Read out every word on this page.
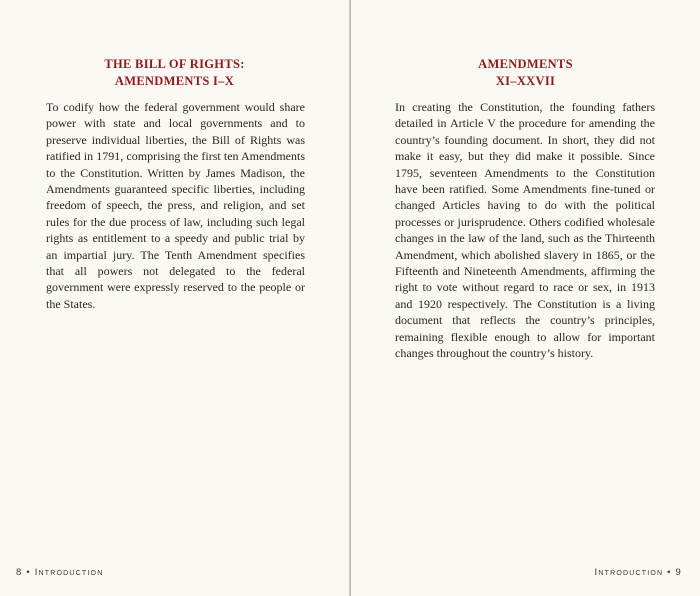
THE BILL OF RIGHTS:
AMENDMENTS I–X

To codify how the federal government would share power with state and local governments and to preserve individual liberties, the Bill of Rights was ratified in 1791, comprising the first ten Amendments to the Constitution. Written by James Madison, the Amendments guaranteed specific liberties, including freedom of speech, the press, and religion, and set rules for the due process of law, including such legal rights as entitlement to a speedy and public trial by an impartial jury. The Tenth Amendment specifies that all powers not delegated to the federal government were expressly reserved to the people or the States.

8 • Introduction
AMENDMENTS
XI–XXVII

In creating the Constitution, the founding fathers detailed in Article V the procedure for amending the country’s founding document. In short, they did not make it easy, but they did make it possible. Since 1795, seventeen Amendments to the Constitution have been ratified. Some Amendments fine-tuned or changed Articles having to do with the political processes or jurisprudence. Others codified wholesale changes in the law of the land, such as the Thirteenth Amendment, which abolished slavery in 1865, or the Fifteenth and Nineteenth Amendments, affirming the right to vote without regard to race or sex, in 1913 and 1920 respectively. The Constitution is a living document that reflects the country’s principles, remaining flexible enough to allow for important changes throughout the country’s history.

Introduction • 9
